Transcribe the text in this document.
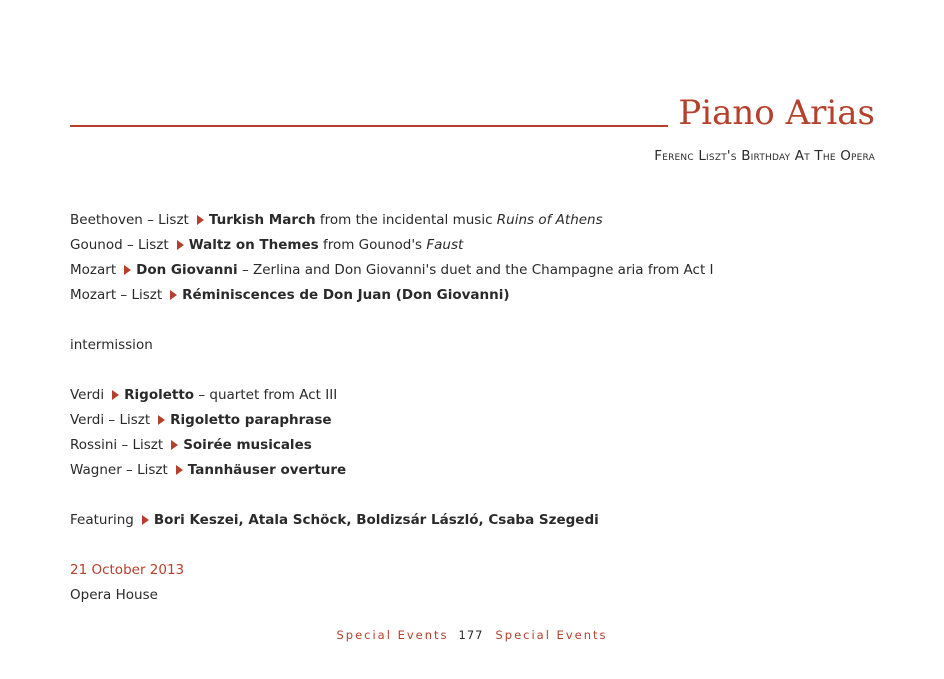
Piano Arias
Ferenc Liszt's Birthday At The Opera
Beethoven – Liszt Turkish March from the incidental music Ruins of Athens
Gounod – Liszt Waltz on Themes from Gounod's Faust
Mozart Don Giovanni – Zerlina and Don Giovanni's duet and the Champagne aria from Act I
Mozart – Liszt Réminiscences de Don Juan (Don Giovanni)
intermission
Verdi Rigoletto – quartet from Act III
Verdi – Liszt Rigoletto paraphrase
Rossini – Liszt Soirée musicales
Wagner – Liszt Tannhäuser overture
Featuring Bori Keszei, Atala Schöck, Boldizsár László, Csaba Szegedi
21 October 2013
Opera House
Special Events 177 Special Events
